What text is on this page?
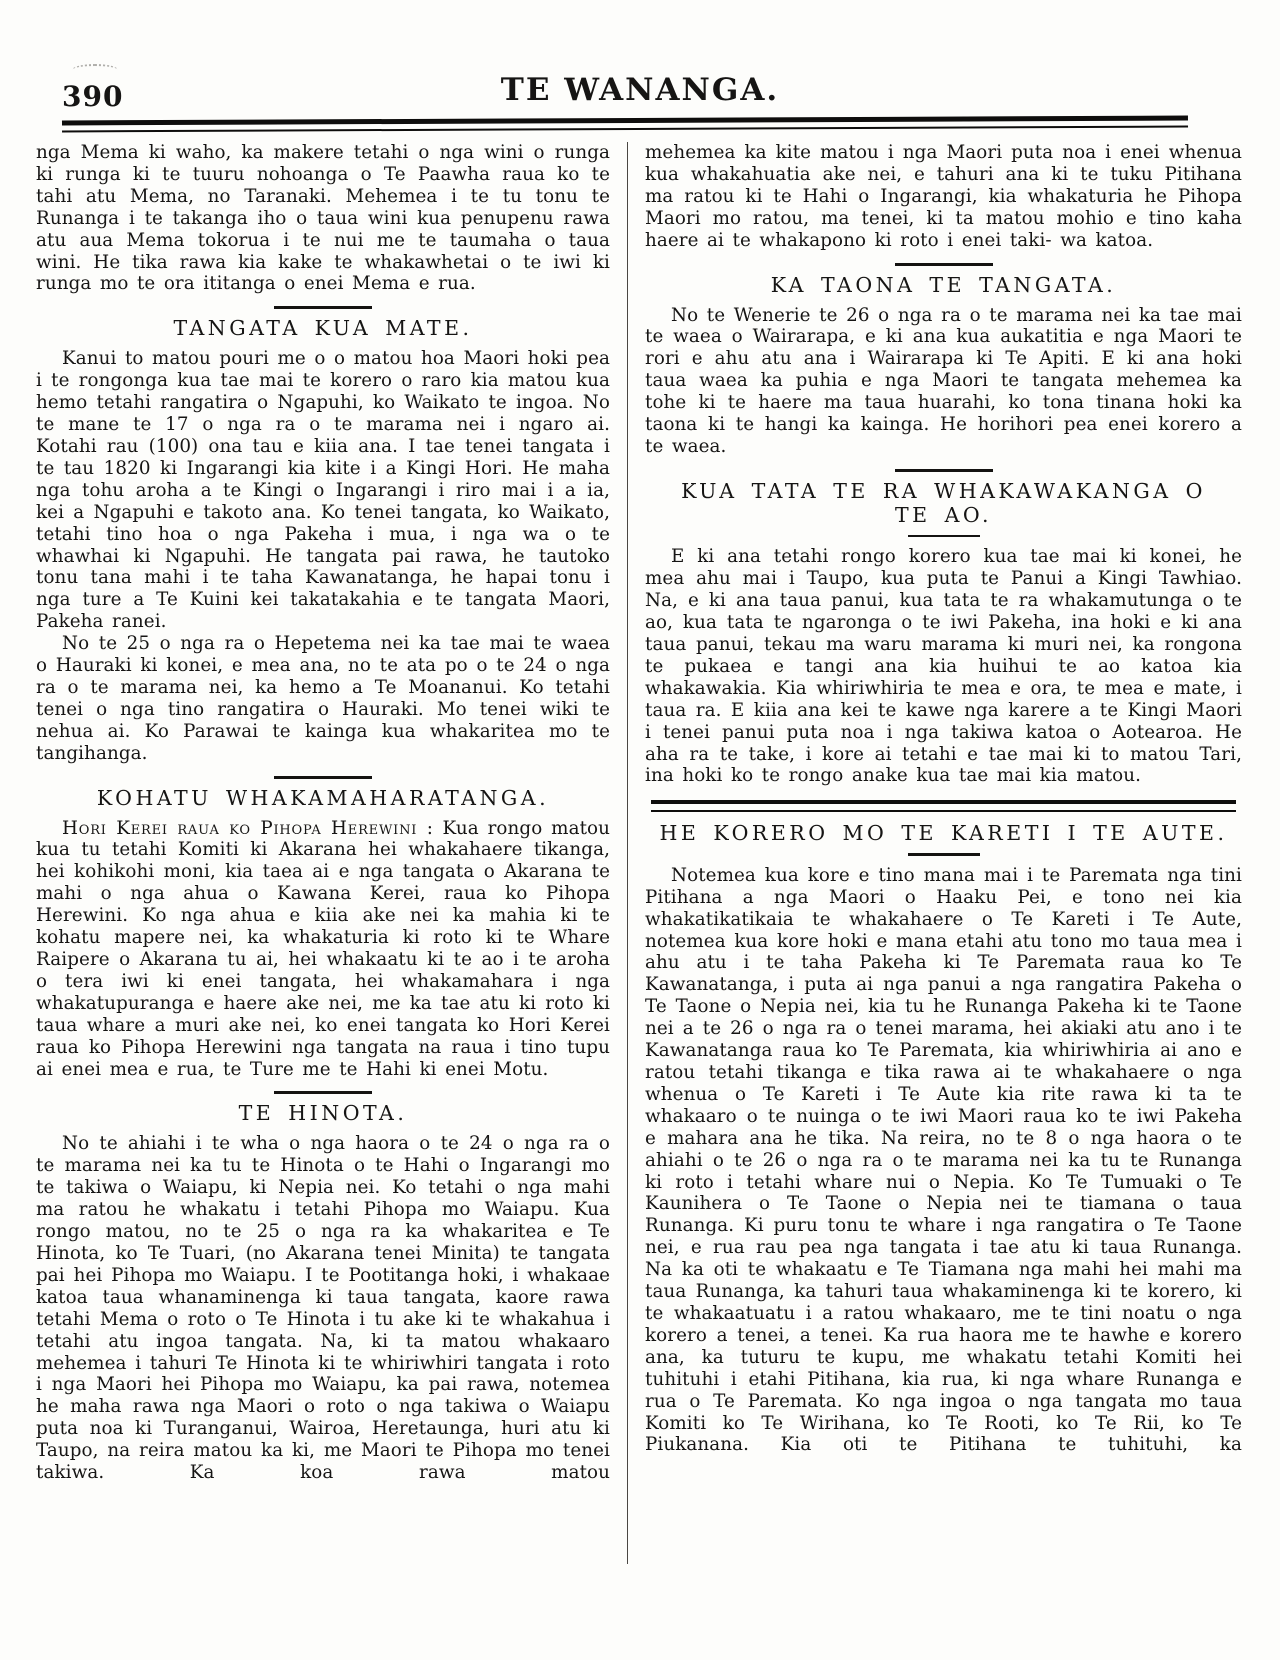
390	TE WANANGA.

nga Mema ki waho, ka makere tetahi o nga wini o runga ki runga ki te tuuru nohoanga o Te Paawha raua ko te tahi atu Mema, no Taranaki. Mehemea i te tu tonu te Runanga i te takanga iho o taua wini kua penupenu rawa atu aua Mema tokorua i te nui me te taumaha o taua wini. He tika rawa kia kake te whakawhetai o te iwi ki runga mo te ora ititanga o enei Mema e rua.

TANGATA KUA MATE.

Kanui to matou pouri me o o matou hoa Maori hoki pea i te rongonga kua tae mai te korero o raro kia matou kua hemo tetahi rangatira o Ngapuhi, ko Waikato te ingoa. No te mane te 17 o nga ra o te marama nei i ngaro ai. Kotahi rau (100) ona tau e kiia ana. I tae tenei tangata i te tau 1820 ki Ingarangi kia kite i a Kingi Hori. He maha nga tohu aroha a te Kingi o Ingarangi i riro mai i a ia, kei a Ngapuhi e takoto ana. Ko tenei tangata, ko Waikato, tetahi tino hoa o nga Pakeha i mua, i nga wa o te whawhai ki Ngapuhi. He tangata pai rawa, he tautoko tonu tana mahi i te taha Kawanatanga, he hapai tonu i nga ture a Te Kuini kei takatakahia e te tangata Maori, Pakeha ranei.

No te 25 o nga ra o Hepetema nei ka tae mai te waea o Hauraki ki konei, e mea ana, no te ata po o te 24 o nga ra o te marama nei, ka hemo a Te Moananui. Ko tetahi tenei o nga tino rangatira o Hauraki. Mo tenei wiki te nehua ai. Ko Parawai te kainga kua whakaritea mo te tangihanga.

KOHATU WHAKAMAHARATANGA.

Hori Kerei raua ko Pihopa Herewini : Kua rongo matou kua tu tetahi Komiti ki Akarana hei whakahaere tikanga, hei kohikohi moni, kia taea ai e nga tangata o Akarana te mahi o nga ahua o Kawana Kerei, raua ko Pihopa Herewini. Ko nga ahua e kiia ake nei ka mahia ki te kohatu mapere nei, ka whakaturia ki roto ki te Whare Raipere o Akarana tu ai, hei whakaatu ki te ao i te aroha o tera iwi ki enei tangata, hei whakamahara i nga whakatupuranga e haere ake nei, me ka tae atu ki roto ki taua whare a muri ake nei, ko enei tangata ko Hori Kerei raua ko Pihopa Herewini nga tangata na raua i tino tupu ai enei mea e rua, te Ture me te Hahi ki enei Motu.

TE HINOTA.

No te ahiahi i te wha o nga haora o te 24 o nga ra o te marama nei ka tu te Hinota o te Hahi o Ingarangi mo te takiwa o Waiapu, ki Nepia nei. Ko tetahi o nga mahi ma ratou he whakatu i tetahi Pihopa mo Waiapu. Kua rongo matou, no te 25 o nga ra ka whakaritea e Te Hinota, ko Te Tuari, (no Akarana tenei Minita) te tangata pai hei Pihopa mo Waiapu. I te Pootitanga hoki, i whakaae katoa taua whanaminenga ki taua tangata, kaore rawa tetahi Mema o roto o Te Hinota i tu ake ki te whakahua i tetahi atu ingoa tangata. Na, ki ta matou whakaaro mehemea i tahuri Te Hinota ki te whiriwhiri tangata i roto i nga Maori hei Pihopa mo Waiapu, ka pai rawa, notemea he maha rawa nga Maori o roto o nga takiwa o Waiapu puta noa ki Turanganui, Wairoa, Heretaunga, huri atu ki Taupo, na reira matou ka ki, me Maori te Pihopa mo tenei takiwa. Ka koa rawa matou

mehemea ka kite matou i nga Maori puta noa i enei whenua kua whakahuatia ake nei, e tahuri ana ki te tuku Pitihana ma ratou ki te Hahi o Ingarangi, kia whakaturia he Pihopa Maori mo ratou, ma tenei, ki ta matou mohio e tino kaha haere ai te whakapono ki roto i enei taki- wa katoa.

KA TAONA TE TANGATA.

No te Wenerie te 26 o nga ra o te marama nei ka tae mai te waea o Wairarapa, e ki ana kua aukatitia e nga Maori te rori e ahu atu ana i Wairarapa ki Te Apiti. E ki ana hoki taua waea ka puhia e nga Maori te tangata mehemea ka tohe ki te haere ma taua huarahi, ko tona tinana hoki ka taona ki te hangi ka kainga. He horihori pea enei korero a te waea.

KUA TATA TE RA WHAKAWAKANGA O TE AO.

E ki ana tetahi rongo korero kua tae mai ki konei, he mea ahu mai i Taupo, kua puta te Panui a Kingi Tawhiao. Na, e ki ana taua panui, kua tata te ra whakamutunga o te ao, kua tata te ngaronga o te iwi Pakeha, ina hoki e ki ana taua panui, tekau ma waru marama ki muri nei, ka rongona te pukaea e tangi ana kia huihui te ao katoa kia whakawakia. Kia whiriwhiria te mea e ora, te mea e mate, i taua ra. E kiia ana kei te kawe nga karere a te Kingi Maori i tenei panui puta noa i nga takiwa katoa o Aotearoa. He aha ra te take, i kore ai tetahi e tae mai ki to matou Tari, ina hoki ko te rongo anake kua tae mai kia matou.

HE KORERO MO TE KARETI I TE AUTE.

Notemea kua kore e tino mana mai i te Paremata nga tini Pitihana a nga Maori o Haaku Pei, e tono nei kia whakatikatikaia te whakahaere o Te Kareti i Te Aute, notemea kua kore hoki e mana etahi atu tono mo taua mea i ahu atu i te taha Pakeha ki Te Paremata raua ko Te Kawanatanga, i puta ai nga panui a nga rangatira Pakeha o Te Taone o Nepia nei, kia tu he Runanga Pakeha ki te Taone nei a te 26 o nga ra o tenei marama, hei akiaki atu ano i te Kawanatanga raua ko Te Paremata, kia whiriwhiria ai ano e ratou tetahi tikanga e tika rawa ai te whakahaere o nga whenua o Te Kareti i Te Aute kia rite rawa ki ta te whakaaro o te nuinga o te iwi Maori raua ko te iwi Pakeha e mahara ana he tika. Na reira, no te 8 o nga haora o te ahiahi o te 26 o nga ra o te marama nei ka tu te Runanga ki roto i tetahi whare nui o Nepia. Ko Te Tumuaki o Te Kaunihera o Te Taone o Nepia nei te tiamana o taua Runanga. Ki puru tonu te whare i nga rangatira o Te Taone nei, e rua rau pea nga tangata i tae atu ki taua Runanga. Na ka oti te whakaatu e Te Tiamana nga mahi hei mahi ma taua Runanga, ka tahuri taua whakaminenga ki te korero, ki te whakaatuatu i a ratou whakaaro, me te tini noatu o nga korero a tenei, a tenei. Ka rua haora me te hawhe e korero ana, ka tuturu te kupu, me whakatu tetahi Komiti hei tuhituhi i etahi Pitihana, kia rua, ki nga whare Runanga e rua o Te Paremata. Ko nga ingoa o nga tangata mo taua Komiti ko Te Wirihana, ko Te Rooti, ko Te Rii, ko Te Piukanana. Kia oti te Pitihana te tuhituhi, ka
